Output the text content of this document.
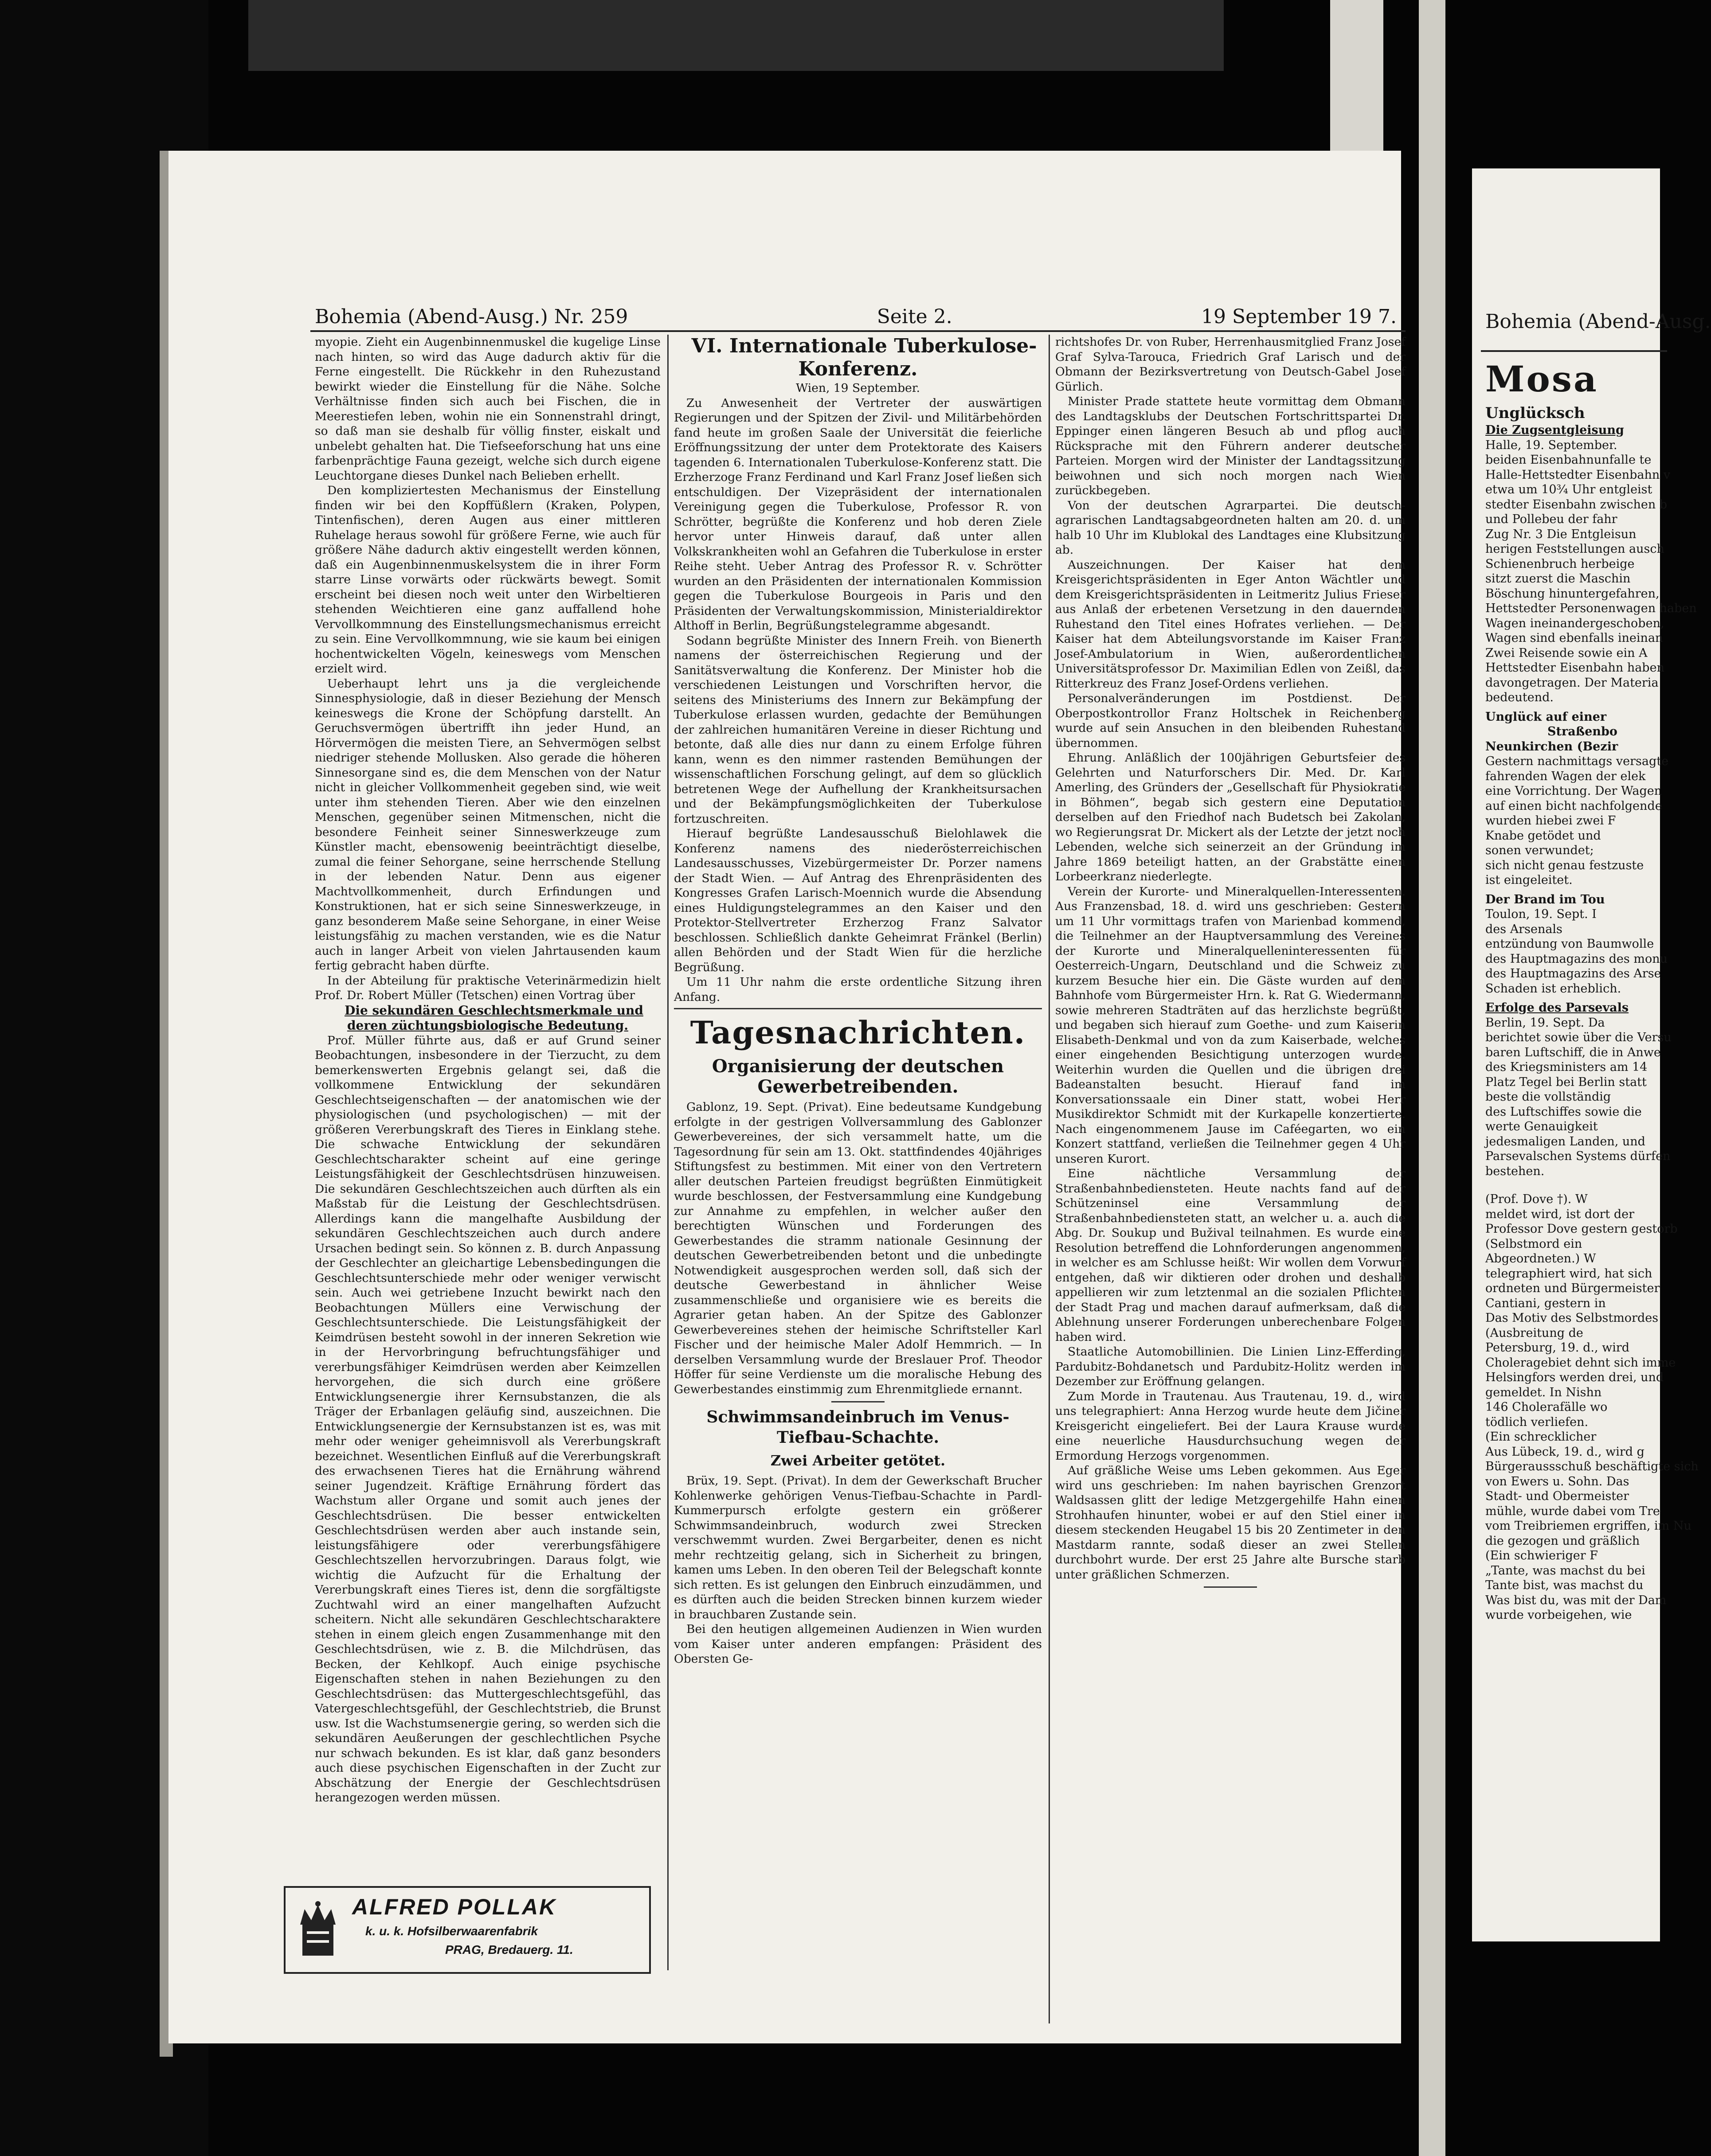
Bohemia (Abend-Ausg.) Nr. 259	Seite 2.	19 September 19 7.

myopie. Zieht ein Augenbinnenmuskel die kugelige Linse nach hinten, so wird das Auge dadurch aktiv für die Ferne eingestellt. Die Rückkehr in den Ruhezustand bewirkt wieder die Einstellung für die Nähe. Solche Verhältnisse finden sich auch bei Fischen, die in Meerestiefen leben, wohin nie ein Sonnenstrahl dringt, so daß man sie deshalb für völlig finster, eiskalt und unbelebt gehalten hat. Die Tiefseeforschung hat uns eine farbenprächtige Fauna gezeigt, welche sich durch eigene Leuchtorgane dieses Dunkel nach Belieben erhellt.

Den kompliziertesten Mechanismus der Einstellung finden wir bei den Kopffüßlern (Kraken, Polypen, Tintenfischen), deren Augen aus einer mittleren Ruhelage heraus sowohl für größere Ferne, wie auch für größere Nähe dadurch aktiv eingestellt werden können, daß ein Augenbinnenmuskelsystem die in ihrer Form starre Linse vorwärts oder rückwärts bewegt. Somit erscheint bei diesen noch weit unter den Wirbeltieren stehenden Weichtieren eine ganz auffallend hohe Vervollkommnung des Einstellungsmechanismus erreicht zu sein. Eine Vervollkommnung, wie sie kaum bei einigen hochentwickelten Vögeln, keineswegs vom Menschen erzielt wird.

Ueberhaupt lehrt uns ja die vergleichende Sinnesphysiologie, daß in dieser Beziehung der Mensch keineswegs die Krone der Schöpfung darstellt. An Geruchsvermögen übertrifft ihn jeder Hund, an Hörvermögen die meisten Tiere, an Sehvermögen selbst niedriger stehende Mollusken. Also gerade die höheren Sinnesorgane sind es, die dem Menschen von der Natur nicht in gleicher Vollkommenheit gegeben sind, wie weit unter ihm stehenden Tieren. Aber wie den einzelnen Menschen, gegenüber seinen Mitmenschen, nicht die besondere Feinheit seiner Sinneswerkzeuge zum Künstler macht, ebensowenig beeinträchtigt dieselbe, zumal die feiner Sehorgane, seine herrschende Stellung in der lebenden Natur. Denn aus eigener Machtvollkommenheit, durch Erfindungen und Konstruktionen, hat er sich seine Sinneswerkzeuge, in ganz besonderem Maße seine Sehorgane, in einer Weise leistungsfähig zu machen verstanden, wie es die Natur auch in langer Arbeit von vielen Jahrtausenden kaum fertig gebracht haben dürfte.

In der Abteilung für praktische Veterinärmedizin hielt Prof. Dr. Robert Müller (Tetschen) einen Vortrag über

Die sekundären Geschlechtsmerkmale und deren züchtungsbiologische Bedeutung.

Prof. Müller führte aus, daß er auf Grund seiner Beobachtungen, insbesondere in der Tierzucht, zu dem bemerkenswerten Ergebnis gelangt sei, daß die vollkommene Entwicklung der sekundären Geschlechtseigenschaften — der anatomischen wie der physiologischen (und psychologischen) — mit der größeren Vererbungskraft des Tieres in Einklang stehe. Die schwache Entwicklung der sekundären Geschlechtscharakter scheint auf eine geringe Leistungsfähigkeit der Geschlechtsdrüsen hinzuweisen. Die sekundären Geschlechtszeichen auch dürften als ein Maßstab für die Leistung der Geschlechtsdrüsen. Allerdings kann die mangelhafte Ausbildung der sekundären Geschlechtszeichen auch durch andere Ursachen bedingt sein. So können z. B. durch Anpassung der Geschlechter an gleichartige Lebensbedingungen die Geschlechtsunterschiede mehr oder weniger verwischt sein. Auch wei getriebene Inzucht bewirkt nach den Beobachtungen Müllers eine Verwischung der Geschlechtsunterschiede. Die Leistungsfähigkeit der Keimdrüsen besteht sowohl in der inneren Sekretion wie in der Hervorbringung befruchtungsfähiger und vererbungsfähiger Keimdrüsen werden aber Keimzellen hervorgehen, die sich durch eine größere Entwicklungsenergie ihrer Kernsubstanzen, die als Träger der Erbanlagen geläufig sind, auszeichnen. Die Entwicklungsenergie der Kernsubstanzen ist es, was mit mehr oder weniger geheimnisvoll als Vererbungskraft bezeichnet. Wesentlichen Einfluß auf die Vererbungskraft des erwachsenen Tieres hat die Ernährung während seiner Jugendzeit. Kräftige Ernährung fördert das Wachstum aller Organe und somit auch jenes der Geschlechtsdrüsen. Die besser entwickelten Geschlechtsdrüsen werden aber auch instande sein, leistungsfähigere oder vererbungsfähigere Geschlechtszellen hervorzubringen. Daraus folgt, wie wichtig die Aufzucht für die Erhaltung der Vererbungskraft eines Tieres ist, denn die sorgfältigste Zuchtwahl wird an einer mangelhaften Aufzucht scheitern. Nicht alle sekundären Geschlechtscharaktere stehen in einem gleich engen Zusammenhange mit den Geschlechtsdrüsen, wie z. B. die Milchdrüsen, das Becken, der Kehlkopf. Auch einige psychische Eigenschaften stehen in nahen Beziehungen zu den Geschlechtsdrüsen: das Muttergeschlechtsgefühl, das Vatergeschlechtsgefühl, der Geschlechtstrieb, die Brunst usw. Ist die Wachstumsenergie gering, so werden sich die sekundären Aeußerungen der geschlechtlichen Psyche nur schwach bekunden. Es ist klar, daß ganz besonders auch diese psychischen Eigenschaften in der Zucht zur Abschätzung der Energie der Geschlechtsdrüsen herangezogen werden müssen.

ALFRED POLLAK
k. u. k. Hofsilberwaarenfabrik
PRAG, Bredauerg. 11.

VI. Internationale Tuberkulose-Konferenz.

Wien, 19 September.

Zu Anwesenheit der Vertreter der auswärtigen Regierungen und der Spitzen der Zivil- und Militärbehörden fand heute im großen Saale der Universität die feierliche Eröffnungssitzung der unter dem Protektorate des Kaisers tagenden 6. Internationalen Tuberkulose-Konferenz statt. Die Erzherzoge Franz Ferdinand und Karl Franz Josef ließen sich entschuldigen. Der Vizepräsident der internationalen Vereinigung gegen die Tuberkulose, Professor R. von Schrötter, begrüßte die Konferenz und hob deren Ziele hervor unter Hinweis darauf, daß unter allen Volkskrankheiten wohl an Gefahren die Tuberkulose in erster Reihe steht. Ueber Antrag des Professor R. v. Schrötter wurden an den Präsidenten der internationalen Kommission gegen die Tuberkulose Bourgeois in Paris und den Präsidenten der Verwaltungskommission, Ministerialdirektor Althoff in Berlin, Begrüßungstelegramme abgesandt.

Sodann begrüßte Minister des Innern Freih. von Bienerth namens der österreichischen Regierung und der Sanitätsverwaltung die Konferenz. Der Minister hob die verschiedenen Leistungen und Vorschriften hervor, die seitens des Ministeriums des Innern zur Bekämpfung der Tuberkulose erlassen wurden, gedachte der Bemühungen der zahlreichen humanitären Vereine in dieser Richtung und betonte, daß alle dies nur dann zu einem Erfolge führen kann, wenn es den nimmer rastenden Bemühungen der wissenschaftlichen Forschung gelingt, auf dem so glücklich betretenen Wege der Aufhellung der Krankheitsursachen und der Bekämpfungsmöglichkeiten der Tuberkulose fortzuschreiten.

Hierauf begrüßte Landesausschuß Bielohlawek die Konferenz namens des niederösterreichischen Landesausschusses, Vizebürgermeister Dr. Porzer namens der Stadt Wien. — Auf Antrag des Ehrenpräsidenten des Kongresses Grafen Larisch-Moennich wurde die Absendung eines Huldigungstelegrammes an den Kaiser und den Protektor-Stellvertreter Erzherzog Franz Salvator beschlossen. Schließlich dankte Geheimrat Fränkel (Berlin) allen Behörden und der Stadt Wien für die herzliche Begrüßung.

Um 11 Uhr nahm die erste ordentliche Sitzung ihren Anfang.

Tagesnachrichten.
Organisierung der deutschen Gewerbetreibenden.

Gablonz, 19. Sept. (Privat). Eine bedeutsame Kundgebung erfolgte in der gestrigen Vollversammlung des Gablonzer Gewerbevereines, der sich versammelt hatte, um die Tagesordnung für sein am 13. Okt. stattfindendes 40jähriges Stiftungsfest zu bestimmen. Mit einer von den Vertretern aller deutschen Parteien freudigst begrüßten Einmütigkeit wurde beschlossen, der Festversammlung eine Kundgebung zur Annahme zu empfehlen, in welcher außer den berechtigten Wünschen und Forderungen des Gewerbestandes die stramm nationale Gesinnung der deutschen Gewerbetreibenden betont und die unbedingte Notwendigkeit ausgesprochen werden soll, daß sich der deutsche Gewerbestand in ähnlicher Weise zusammenschließe und organisiere wie es bereits die Agrarier getan haben. An der Spitze des Gablonzer Gewerbevereines stehen der heimische Schriftsteller Karl Fischer und der heimische Maler Adolf Hemmrich. — In derselben Versammlung wurde der Breslauer Prof. Theodor Höffer für seine Verdienste um die moralische Hebung des Gewerbestandes einstimmig zum Ehrenmitgliede ernannt.

Schwimmsandeinbruch im Venus-Tiefbau-Schachte.
Zwei Arbeiter getötet.

Brüx, 19. Sept. (Privat). In dem der Gewerkschaft Brucher Kohlenwerke gehörigen Venus-Tiefbau-Schachte in Pardl-Kummerpursch erfolgte gestern ein größerer Schwimmsandeinbruch, wodurch zwei Strecken verschwemmt wurden. Zwei Bergarbeiter, denen es nicht mehr rechtzeitig gelang, sich in Sicherheit zu bringen, kamen ums Leben. In den oberen Teil der Belegschaft konnte sich retten. Es ist gelungen den Einbruch einzudämmen, und es dürften auch die beiden Strecken binnen kurzem wieder in brauchbaren Zustande sein.

Bei den heutigen allgemeinen Audienzen in Wien wurden vom Kaiser unter anderen empfangen: Präsident des Obersten Ge-

richtshofes Dr. von Ruber, Herrenhausmitglied Franz Josef Graf Sylva-Tarouca, Friedrich Graf Larisch und der Obmann der Bezirksvertretung von Deutsch-Gabel Josef Gürlich.

Minister Prade stattete heute vormittag dem Obmann des Landtagsklubs der Deutschen Fortschrittspartei Dr. Eppinger einen längeren Besuch ab und pflog auch Rücksprache mit den Führern anderer deutscher Parteien. Morgen wird der Minister der Landtagssitzung beiwohnen und sich noch morgen nach Wien zurückbegeben.

Von der deutschen Agrarpartei. Die deutsch-agrarischen Landtagsabgeordneten halten am 20. d. um halb 10 Uhr im Klublokal des Landtages eine Klubsitzung ab.

Auszeichnungen. Der Kaiser hat dem Kreisgerichtspräsidenten in Eger Anton Wächtler und dem Kreisgerichtspräsidenten in Leitmeritz Julius Frieser aus Anlaß der erbetenen Versetzung in den dauernden Ruhestand den Titel eines Hofrates verliehen. — Der Kaiser hat dem Abteilungsvorstande im Kaiser Franz Josef-Ambulatorium in Wien, außerordentlichen Universitätsprofessor Dr. Maximilian Edlen von Zeißl, das Ritterkreuz des Franz Josef-Ordens verliehen.

Personalveränderungen im Postdienst. Der Oberpostkontrollor Franz Holtschek in Reichenberg wurde auf sein Ansuchen in den bleibenden Ruhestand übernommen.

Ehrung. Anläßlich der 100jährigen Geburtsfeier des Gelehrten und Naturforschers Dir. Med. Dr. Karl Amerling, des Gründers der „Gesellschaft für Physiokratie in Böhmen“, begab sich gestern eine Deputation derselben auf den Friedhof nach Budetsch bei Zakolan, wo Regierungsrat Dr. Mickert als der Letzte der jetzt noch Lebenden, welche sich seinerzeit an der Gründung im Jahre 1869 beteiligt hatten, an der Grabstätte einen Lorbeerkranz niederlegte.

Verein der Kurorte- und Mineralquellen-Interessenten. Aus Franzensbad, 18. d. wird uns geschrieben: Gestern um 11 Uhr vormittags trafen von Marienbad kommend, die Teilnehmer an der Hauptversammlung des Vereines der Kurorte und Mineralquelleninteressenten für Oesterreich-Ungarn, Deutschland und die Schweiz zu kurzem Besuche hier ein. Die Gäste wurden auf dem Bahnhofe vom Bürgermeister Hrn. k. Rat G. Wiedermann, sowie mehreren Stadträten auf das herzlichste begrüßt, und begaben sich hierauf zum Goethe- und zum Kaiserin Elisabeth-Denkmal und von da zum Kaiserbade, welches einer eingehenden Besichtigung unterzogen wurde. Weiterhin wurden die Quellen und die übrigen drei Badeanstalten besucht. Hierauf fand im Konversationssaale ein Diner statt, wobei Herr Musikdirektor Schmidt mit der Kurkapelle konzertierte. Nach eingenommenem Jause im Caféegarten, wo ein Konzert stattfand, verließen die Teilnehmer gegen 4 Uhr unseren Kurort.

Eine nächtliche Versammlung der Straßenbahnbediensteten. Heute nachts fand auf der Schützeninsel eine Versammlung der Straßenbahnbediensteten statt, an welcher u. a. auch die Abg. Dr. Soukup und Bužival teilnahmen. Es wurde eine Resolution betreffend die Lohnforderungen angenommen, in welcher es am Schlusse heißt: Wir wollen dem Vorwurf entgehen, daß wir diktieren oder drohen und deshalb appellieren wir zum letztenmal an die sozialen Pflichten der Stadt Prag und machen darauf aufmerksam, daß die Ablehnung unserer Forderungen unberechenbare Folgen haben wird.

Staatliche Automobillinien. Die Linien Linz-Efferding, Pardubitz-Bohdanetsch und Pardubitz-Holitz werden im Dezember zur Eröffnung gelangen.

Zum Morde in Trautenau. Aus Trautenau, 19. d., wird uns telegraphiert: Anna Herzog wurde heute dem Jičiner Kreisgericht eingeliefert. Bei der Laura Krause wurde eine neuerliche Hausdurchsuchung wegen der Ermordung Herzogs vorgenommen.

Auf gräßliche Weise ums Leben gekommen. Aus Eger wird uns geschrieben: Im nahen bayrischen Grenzort Waldsassen glitt der ledige Metzgergehilfe Hahn einen Strohhaufen hinunter, wobei er auf den Stiel einer in diesem steckenden Heugabel 15 bis 20 Zentimeter in den Mastdarm rannte, sodaß dieser an zwei Stellen durchbohrt wurde. Der erst 25 Jahre alte Bursche starb unter gräßlichen Schmerzen.

Bohemia (Abend-Ausg.

Mosa

Unglücksch

Die Zugsentgleisung

Halle, 19. September.

beiden Eisenbahnunfalle te

Halle-Hettstedter Eisenbahn v

etwa um 10¾ Uhr entgleist

stedter Eisenbahn zwischen b

und Pollebeu der fahr

Zug Nr. 3 Die Entgleisun

herigen Feststellungen ausch

Schienenbruch herbeige

sitzt zuerst die Maschin

Böschung hinuntergefahren,

Hettstedter Personenwagen haben

Wagen ineinandergeschoben,

Wagen sind ebenfalls ineinan

Zwei Reisende sowie ein A

Hettstedter Eisenbahn haben

davongetragen. Der Materia

bedeutend.

Unglück auf einer

Straßenbo

Neunkirchen (Bezir

Gestern nachmittags versagte

fahrenden Wagen der elek

eine Vorrichtung. Der Wagen

auf einen bicht nachfolgende

wurden hiebei zwei F

Knabe getödet und

sonen verwundet;

sich nicht genau festzuste

ist eingeleitet.

Der Brand im Tou

Toulon, 19. Sept. I

des Arsenals

entzündung von Baumwolle

des Hauptmagazins des monu

des Hauptmagazins des Arse

Schaden ist erheblich.

Erfolge des Parsevals

Berlin, 19. Sept. Da

berichtet sowie über die Versu

baren Luftschiff, die in Anwe

des Kriegsministers am 14

Platz Tegel bei Berlin statt

beste die vollständig

des Luftschiffes sowie die

werte Genauigkeit

jedesmaligen Landen, und

Parsevalschen Systems dürfen

bestehen.

(Prof. Dove †). W

meldet wird, ist dort der

Professor Dove gestern gestorb

(Selbstmord ein

Abgeordneten.) W

telegraphiert wird, hat sich

ordneten und Bürgermeister

Cantiani, gestern in

Das Motiv des Selbstmordes

(Ausbreitung de

Petersburg, 19. d., wird

Choleragebiet dehnt sich imme

Helsingfors werden drei, und

gemeldet. In Nishn

146 Cholerafälle wo

tödlich verliefen.

(Ein schrecklicher

Aus Lübeck, 19. d., wird g

Bürgeraussschuß beschäftigte sich

von Ewers u. Sohn. Das

Stadt- und Obermeister

mühle, wurde dabei vom Tre

vom Treibriemen ergriffen, im Nu

die gezogen und gräßlich

(Ein schwieriger F

„Tante, was machst du bei

Tante bist, was machst du

Was bist du, was mit der Dam

wurde vorbeigehen, wie
